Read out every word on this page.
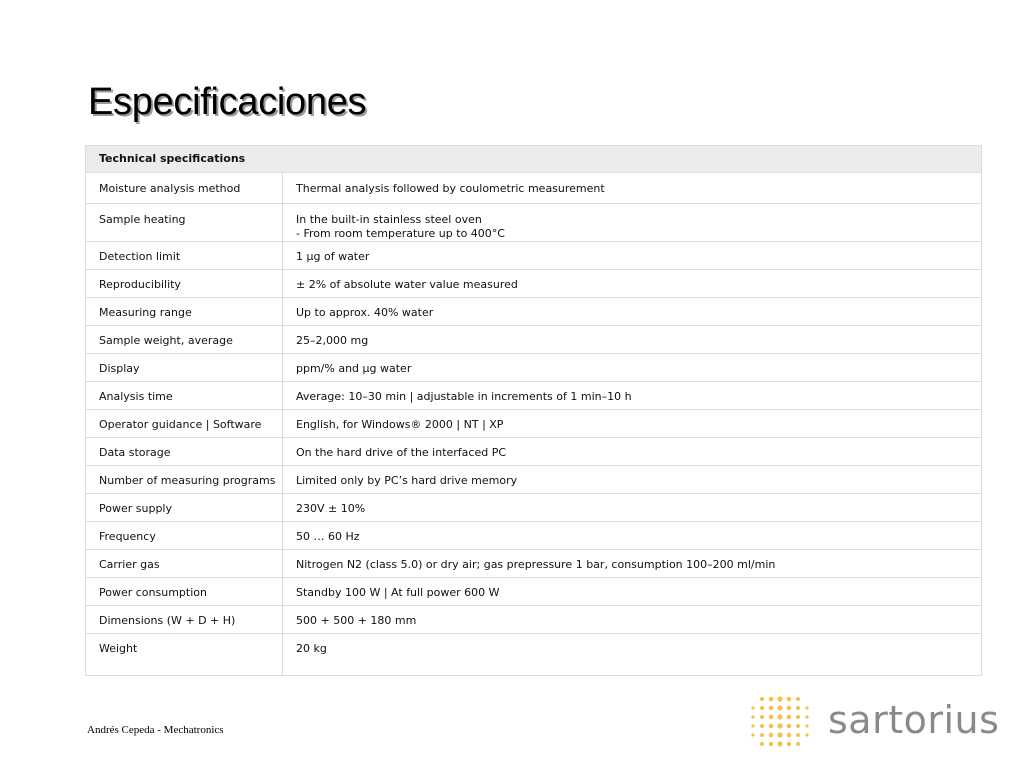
Especificaciones
Technical specifications	
Moisture analysis method	Thermal analysis followed by coulometric measurement
Sample heating	In the built-in stainless steel oven
- From room temperature up to 400°C

Detection limit	1 µg of water
Reproducibility	± 2% of absolute water value measured
Measuring range	Up to approx. 40% water
Sample weight, average	25–2,000 mg
Display	ppm/% and µg water
Analysis time	Average: 10–30 min | adjustable in increments of 1 min–10 h
Operator guidance | Software	English, for Windows® 2000 | NT | XP
Data storage	On the hard drive of the interfaced PC
Number of measuring programs	Limited only by PC’s hard drive memory
Power supply	230V ± 10%
Frequency	50 … 60 Hz
Carrier gas	Nitrogen N2 (class 5.0) or dry air; gas prepressure 1 bar, consumption 100–200 ml/min
Power consumption	Standby 100 W | At full power 600 W
Dimensions (W + D + H)	500 + 500 + 180 mm
Weight	20 kg
Andrés Cepeda - Mechatronics	sartorius
